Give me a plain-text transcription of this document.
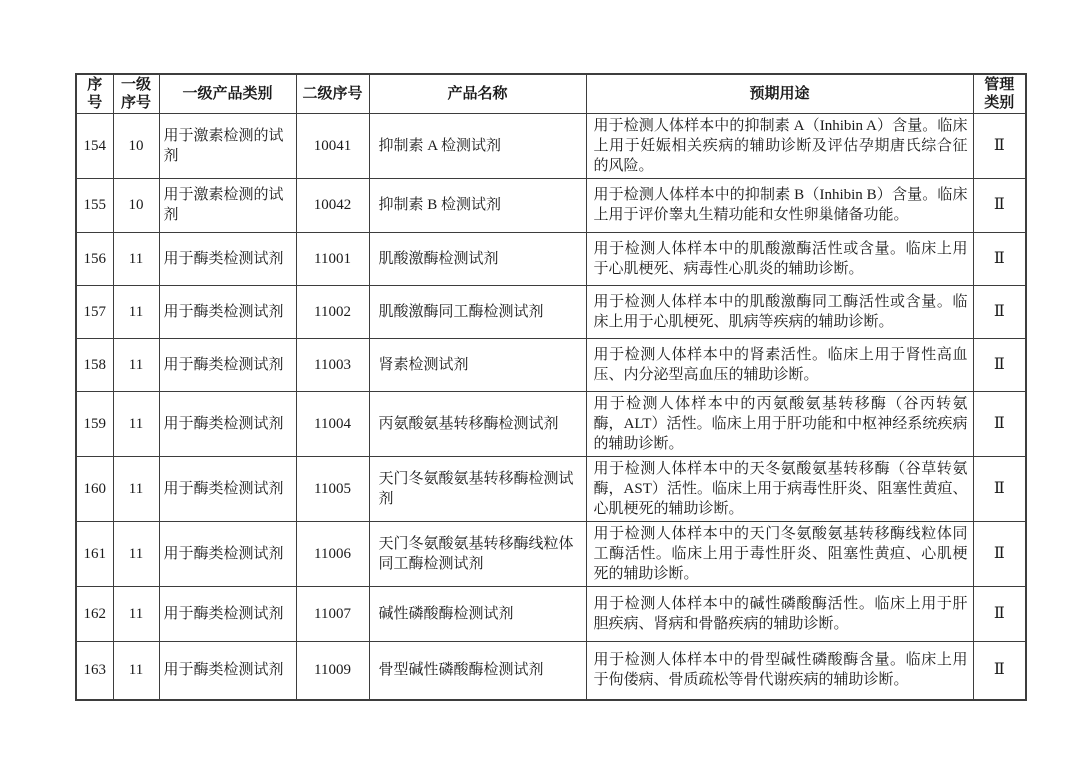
序号	一级序号	一级产品类别	二级序号	产品名称	预期用途	管理类别
154	10	用于激素检测的试剂	10041	抑制素 A 检测试剂	用于检测人体样本中的抑制素 A（Inhibin A）含量。临床上用于妊娠相关疾病的辅助诊断及评估孕期唐氏综合征的风险。	Ⅱ
155	10	用于激素检测的试剂	10042	抑制素 B 检测试剂	用于检测人体样本中的抑制素 B（Inhibin B）含量。临床上用于评价睾丸生精功能和女性卵巢储备功能。	Ⅱ
156	11	用于酶类检测试剂	11001	肌酸激酶检测试剂	用于检测人体样本中的肌酸激酶活性或含量。临床上用于心肌梗死、病毒性心肌炎的辅助诊断。	Ⅱ
157	11	用于酶类检测试剂	11002	肌酸激酶同工酶检测试剂	用于检测人体样本中的肌酸激酶同工酶活性或含量。临床上用于心肌梗死、肌病等疾病的辅助诊断。	Ⅱ
158	11	用于酶类检测试剂	11003	肾素检测试剂	用于检测人体样本中的肾素活性。临床上用于肾性高血压、内分泌型高血压的辅助诊断。	Ⅱ
159	11	用于酶类检测试剂	11004	丙氨酸氨基转移酶检测试剂	用于检测人体样本中的丙氨酸氨基转移酶（谷丙转氨酶，ALT）活性。临床上用于肝功能和中枢神经系统疾病的辅助诊断。	Ⅱ
160	11	用于酶类检测试剂	11005	天门冬氨酸氨基转移酶检测试剂	用于检测人体样本中的天冬氨酸氨基转移酶（谷草转氨酶，AST）活性。临床上用于病毒性肝炎、阻塞性黄疸、心肌梗死的辅助诊断。	Ⅱ
161	11	用于酶类检测试剂	11006	天门冬氨酸氨基转移酶线粒体同工酶检测试剂	用于检测人体样本中的天门冬氨酸氨基转移酶线粒体同工酶活性。临床上用于毒性肝炎、阻塞性黄疸、心肌梗死的辅助诊断。	Ⅱ
162	11	用于酶类检测试剂	11007	碱性磷酸酶检测试剂	用于检测人体样本中的碱性磷酸酶活性。临床上用于肝胆疾病、肾病和骨骼疾病的辅助诊断。	Ⅱ
163	11	用于酶类检测试剂	11009	骨型碱性磷酸酶检测试剂	用于检测人体样本中的骨型碱性磷酸酶含量。临床上用于佝偻病、骨质疏松等骨代谢疾病的辅助诊断。	Ⅱ
